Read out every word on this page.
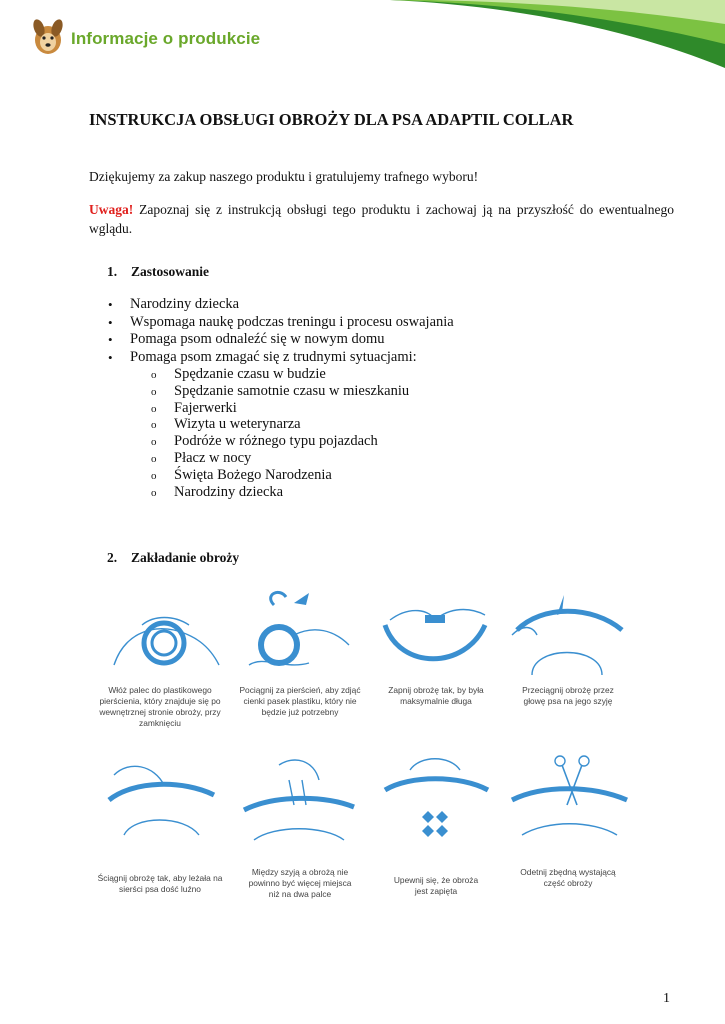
Informacje o produkcie
INSTRUKCJA OBSŁUGI OBROŻY DLA PSA ADAPTIL COLLAR

Dziękujemy za zakup naszego produktu i gratulujemy trafnego wyboru!

Uwaga! Zapoznaj się z instrukcją obsługi tego produktu i zachowaj ją na przyszłość do ewentualnego wglądu.

1. Zastosowanie
• Narodziny dziecka
• Wspomaga naukę podczas treningu i procesu oswajania
• Pomaga psom odnaleźć się w nowym domu
• Pomaga psom zmagać się z trudnymi sytuacjami:
o Spędzanie czasu w budzie
o Spędzanie samotnie czasu w mieszkaniu
o Fajerwerki
o Wizyta u weterynarza
o Podróże w różnego typu pojazdach
o Płacz w nocy
o Święta Bożego Narodzenia
o Narodziny dziecka
2. Zakładanie obroży
Włóż palec do plastikowego
pierścienia, który znajduje się po
wewnętrznej stronie obroży, przy
zamknięciu
Pociągnij za pierścień, aby zdjąć
cienki pasek plastiku, który nie
będzie już potrzebny
Zapnij obrożę tak, by była
maksymalnie długa
Przeciągnij obrożę przez
głowę psa na jego szyję
Ściągnij obrożę tak, aby leżała na
sierści psa dość luźno
Między szyją a obrożą nie
powinno być więcej miejsca
niż na dwa palce
Upewnij się, że obroża
jest zapięta
Odetnij zbędną wystającą
część obroży
1
